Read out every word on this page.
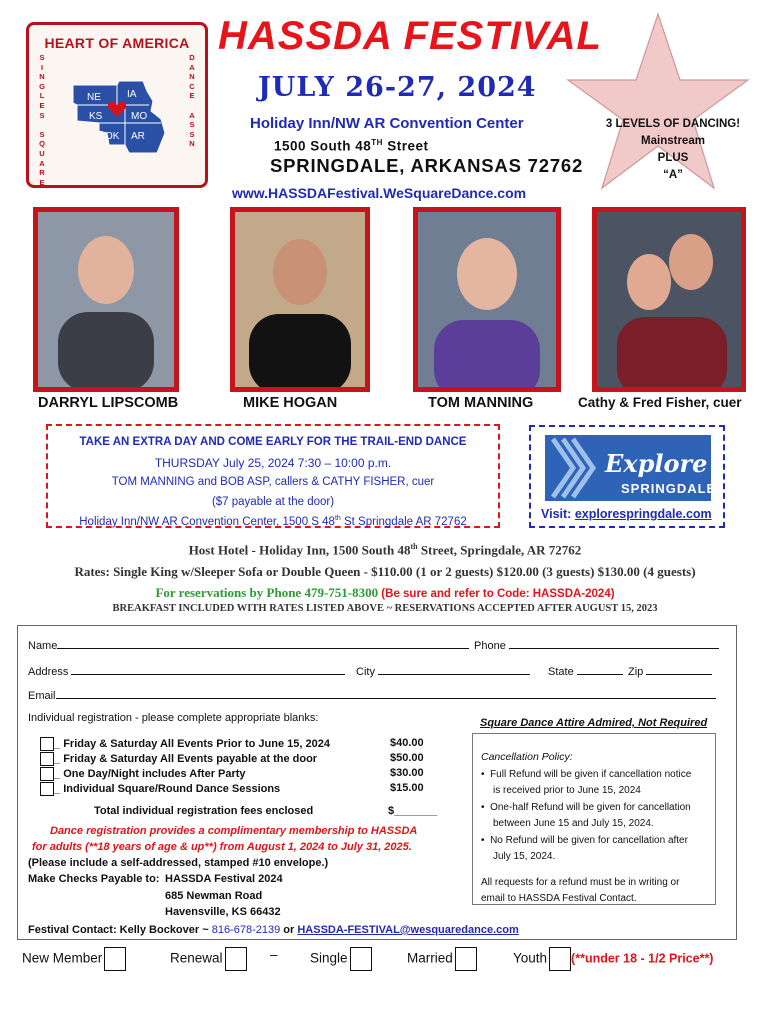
HEART OF AMERICA
S
I
N
G
L
E
S

S
Q
U
A
R
E
D
A
N
C
E

A
S
S
N
NE	IA
KS	MO
OK AR
3 LEVELS OF DANCING!
Mainstream
PLUS
“A”
HASSDA FESTIVAL
JULY 26-27, 2024
Holiday Inn/NW AR Convention Center
1500 South 48TH Street
SPRINGDALE, ARKANSAS 72762
www.HASSDAFestival.WeSquareDance.com
DARRYL LIPSCOMB	MIKE HOGAN	TOM MANNING	Cathy & Fred Fisher, cuer
TAKE AN EXTRA DAY AND COME EARLY FOR THE TRAIL-END DANCE
THURSDAY July 25, 2024 7:30 – 10:00 p.m.
TOM MANNING and BOB ASP, callers & CATHY FISHER, cuer
($7 payable at the door)
Holiday Inn/NW AR Convention Center, 1500 S 48th St Springdale AR 72762
Explore
SPRINGDALE
Visit: explorespringdale.com
Host Hotel - Holiday Inn, 1500 South 48th Street, Springdale, AR 72762
Rates: Single King w/Sleeper Sofa or Double Queen - $110.00 (1 or 2 guests) $120.00 (3 guests) $130.00 (4 guests)
For reservations by Phone 479-751-8300 (Be sure and refer to Code: HASSDA-2024)
BREAKFAST INCLUDED WITH RATES LISTED ABOVE ~ RESERVATIONS ACCEPTED AFTER AUGUST 15, 2023
Name	Phone
Address	City	State	Zip
Email
Individual registration - please complete appropriate blanks:	Square Dance Attire Admired, Not Required
_ Friday & Saturday All Events Prior to June 15, 2024	$40.00
_ Friday & Saturday All Events payable at the door	$50.00
_ One Day/Night includes After Party	$30.00
_ Individual Square/Round Dance Sessions	$15.00
Total individual registration fees enclosed	$_______
Dance registration provides a complimentary membership to HASSDA
for adults (**18 years of age & up**) from August 1, 2024 to July 31, 2025.
(Please include a self-addressed, stamped #10 envelope.)
Make Checks Payable to: HASSDA Festival 2024
685 Newman Road
Havensville, KS 66432
Festival Contact: Kelly Bockover ~ 816-678-2139 or HASSDA-FESTIVAL@wesquaredance.com
Cancellation Policy:
•  Full Refund will be given if cancellation notice
is received prior to June 15, 2024
•  One-half Refund will be given for cancellation
between June 15 and July 15, 2024.
•  No Refund will be given for cancellation after
July 15, 2024.
All requests for a refund must be in writing or
email to HASSDA Festival Contact.
New Member	Renewal	– Single	Married	Youth (**under 18 - 1/2 Price**)
